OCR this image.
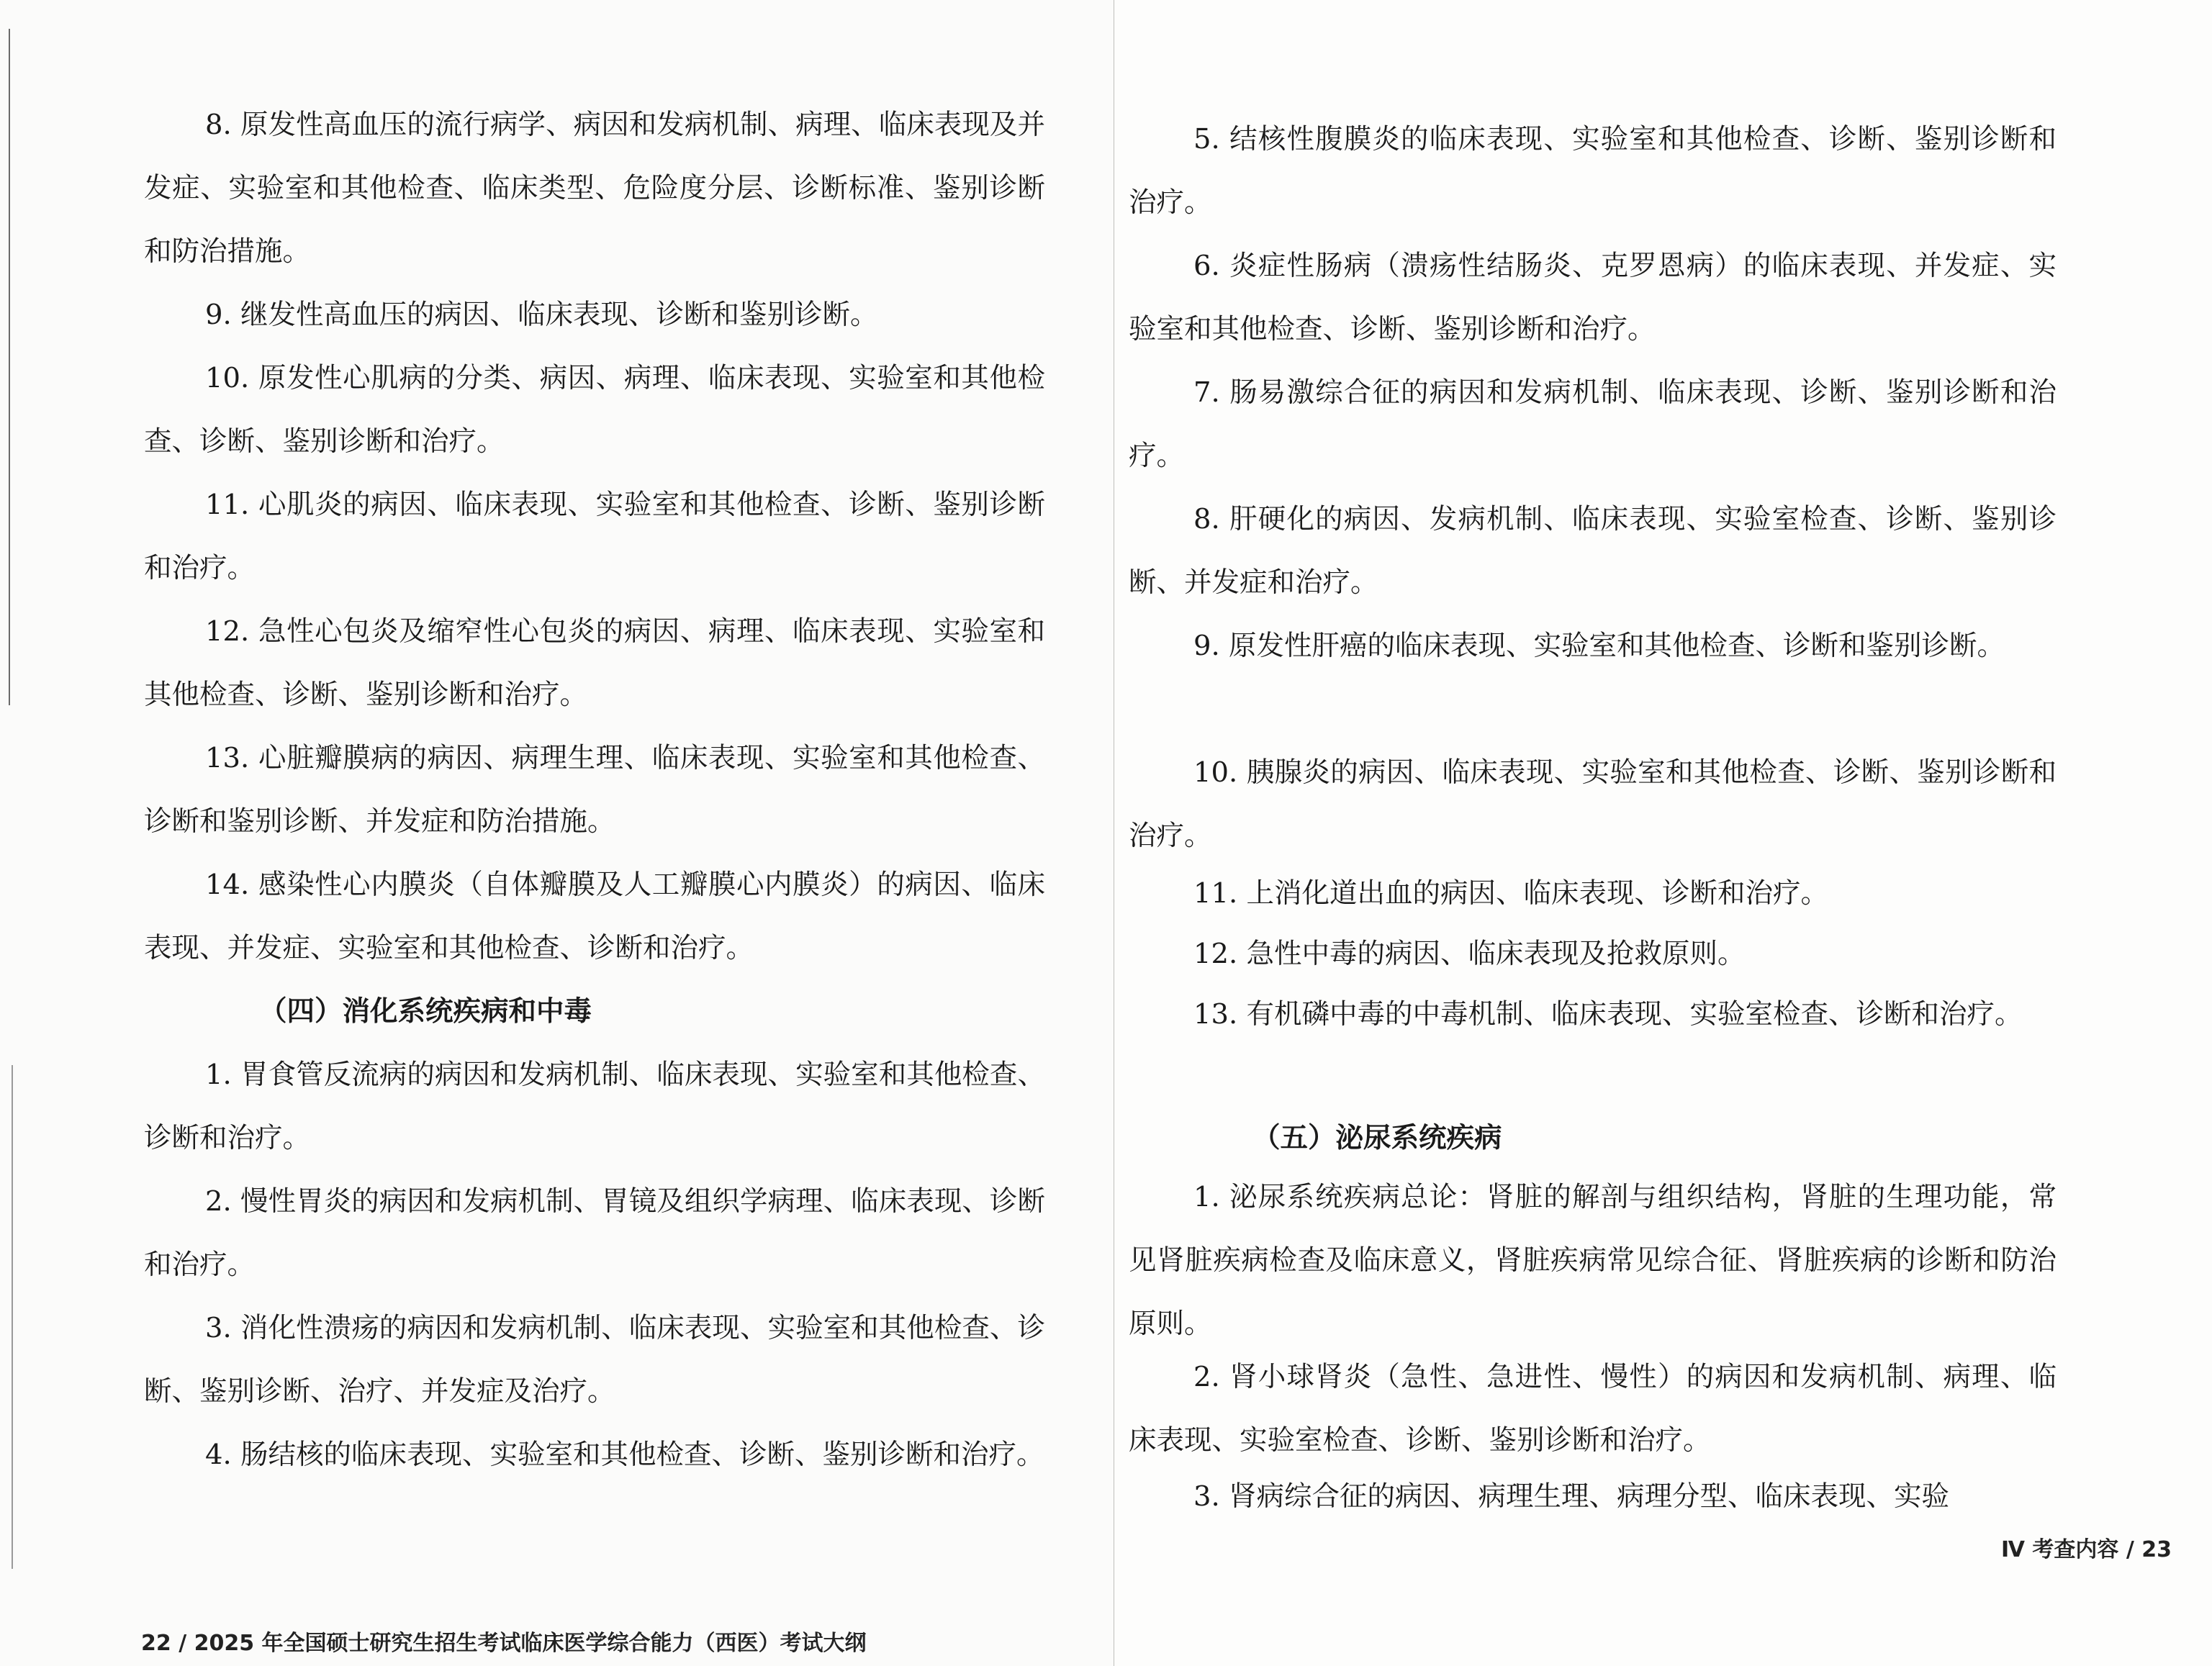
8. 原发性高血压的流行病学、病因和发病机制、病理、临床表现及并发症、实验室和其他检查、临床类型、危险度分层、诊断标准、鉴别诊断和防治措施。

9. 继发性高血压的病因、临床表现、诊断和鉴别诊断。

10. 原发性心肌病的分类、病因、病理、临床表现、实验室和其他检查、诊断、鉴别诊断和治疗。

11. 心肌炎的病因、临床表现、实验室和其他检查、诊断、鉴别诊断和治疗。

12. 急性心包炎及缩窄性心包炎的病因、病理、临床表现、实验室和其他检查、诊断、鉴别诊断和治疗。

13. 心脏瓣膜病的病因、病理生理、临床表现、实验室和其他检查、诊断和鉴别诊断、并发症和防治措施。

14. 感染性心内膜炎（自体瓣膜及人工瓣膜心内膜炎）的病因、临床表现、并发症、实验室和其他检查、诊断和治疗。

（四）消化系统疾病和中毒

1. 胃食管反流病的病因和发病机制、临床表现、实验室和其他检查、诊断和治疗。

2. 慢性胃炎的病因和发病机制、胃镜及组织学病理、临床表现、诊断和治疗。

3. 消化性溃疡的病因和发病机制、临床表现、实验室和其他检查、诊断、鉴别诊断、治疗、并发症及治疗。

4. 肠结核的临床表现、实验室和其他检查、诊断、鉴别诊断和治疗。

22 / 2025 年全国硕士研究生招生考试临床医学综合能力（西医）考试大纲

5. 结核性腹膜炎的临床表现、实验室和其他检查、诊断、鉴别诊断和治疗。

6. 炎症性肠病（溃疡性结肠炎、克罗恩病）的临床表现、并发症、实验室和其他检查、诊断、鉴别诊断和治疗。

7. 肠易激综合征的病因和发病机制、临床表现、诊断、鉴别诊断和治疗。

8. 肝硬化的病因、发病机制、临床表现、实验室检查、诊断、鉴别诊断、并发症和治疗。

9. 原发性肝癌的临床表现、实验室和其他检查、诊断和鉴别诊断。

10. 胰腺炎的病因、临床表现、实验室和其他检查、诊断、鉴别诊断和治疗。

11. 上消化道出血的病因、临床表现、诊断和治疗。

12. 急性中毒的病因、临床表现及抢救原则。

13. 有机磷中毒的中毒机制、临床表现、实验室检查、诊断和治疗。

（五）泌尿系统疾病

1. 泌尿系统疾病总论：肾脏的解剖与组织结构，肾脏的生理功能，常见肾脏疾病检查及临床意义，肾脏疾病常见综合征、肾脏疾病的诊断和防治原则。

2. 肾小球肾炎（急性、急进性、慢性）的病因和发病机制、病理、临床表现、实验室检查、诊断、鉴别诊断和治疗。

3. 肾病综合征的病因、病理生理、病理分型、临床表现、实验

Ⅳ 考查内容 / 23
